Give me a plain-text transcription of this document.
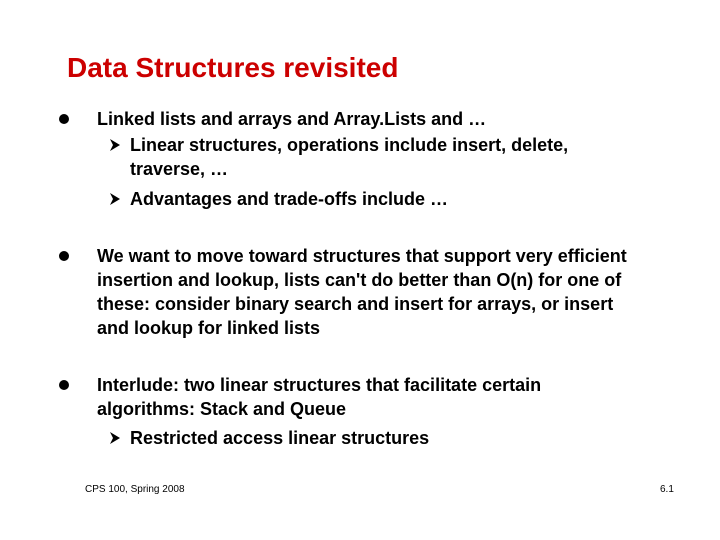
Data Structures revisited
Linked lists and arrays and Array.Lists and …
Linear structures, operations include insert, delete, traverse, …
Advantages and trade-offs include …
We want to move toward structures that support very efficient insertion and lookup, lists can't do better than O(n) for one of these: consider binary search and insert for arrays, or insert and lookup for linked lists
Interlude: two linear structures that facilitate certain algorithms: Stack and Queue
Restricted access linear structures
CPS 100, Spring 2008	6.1
